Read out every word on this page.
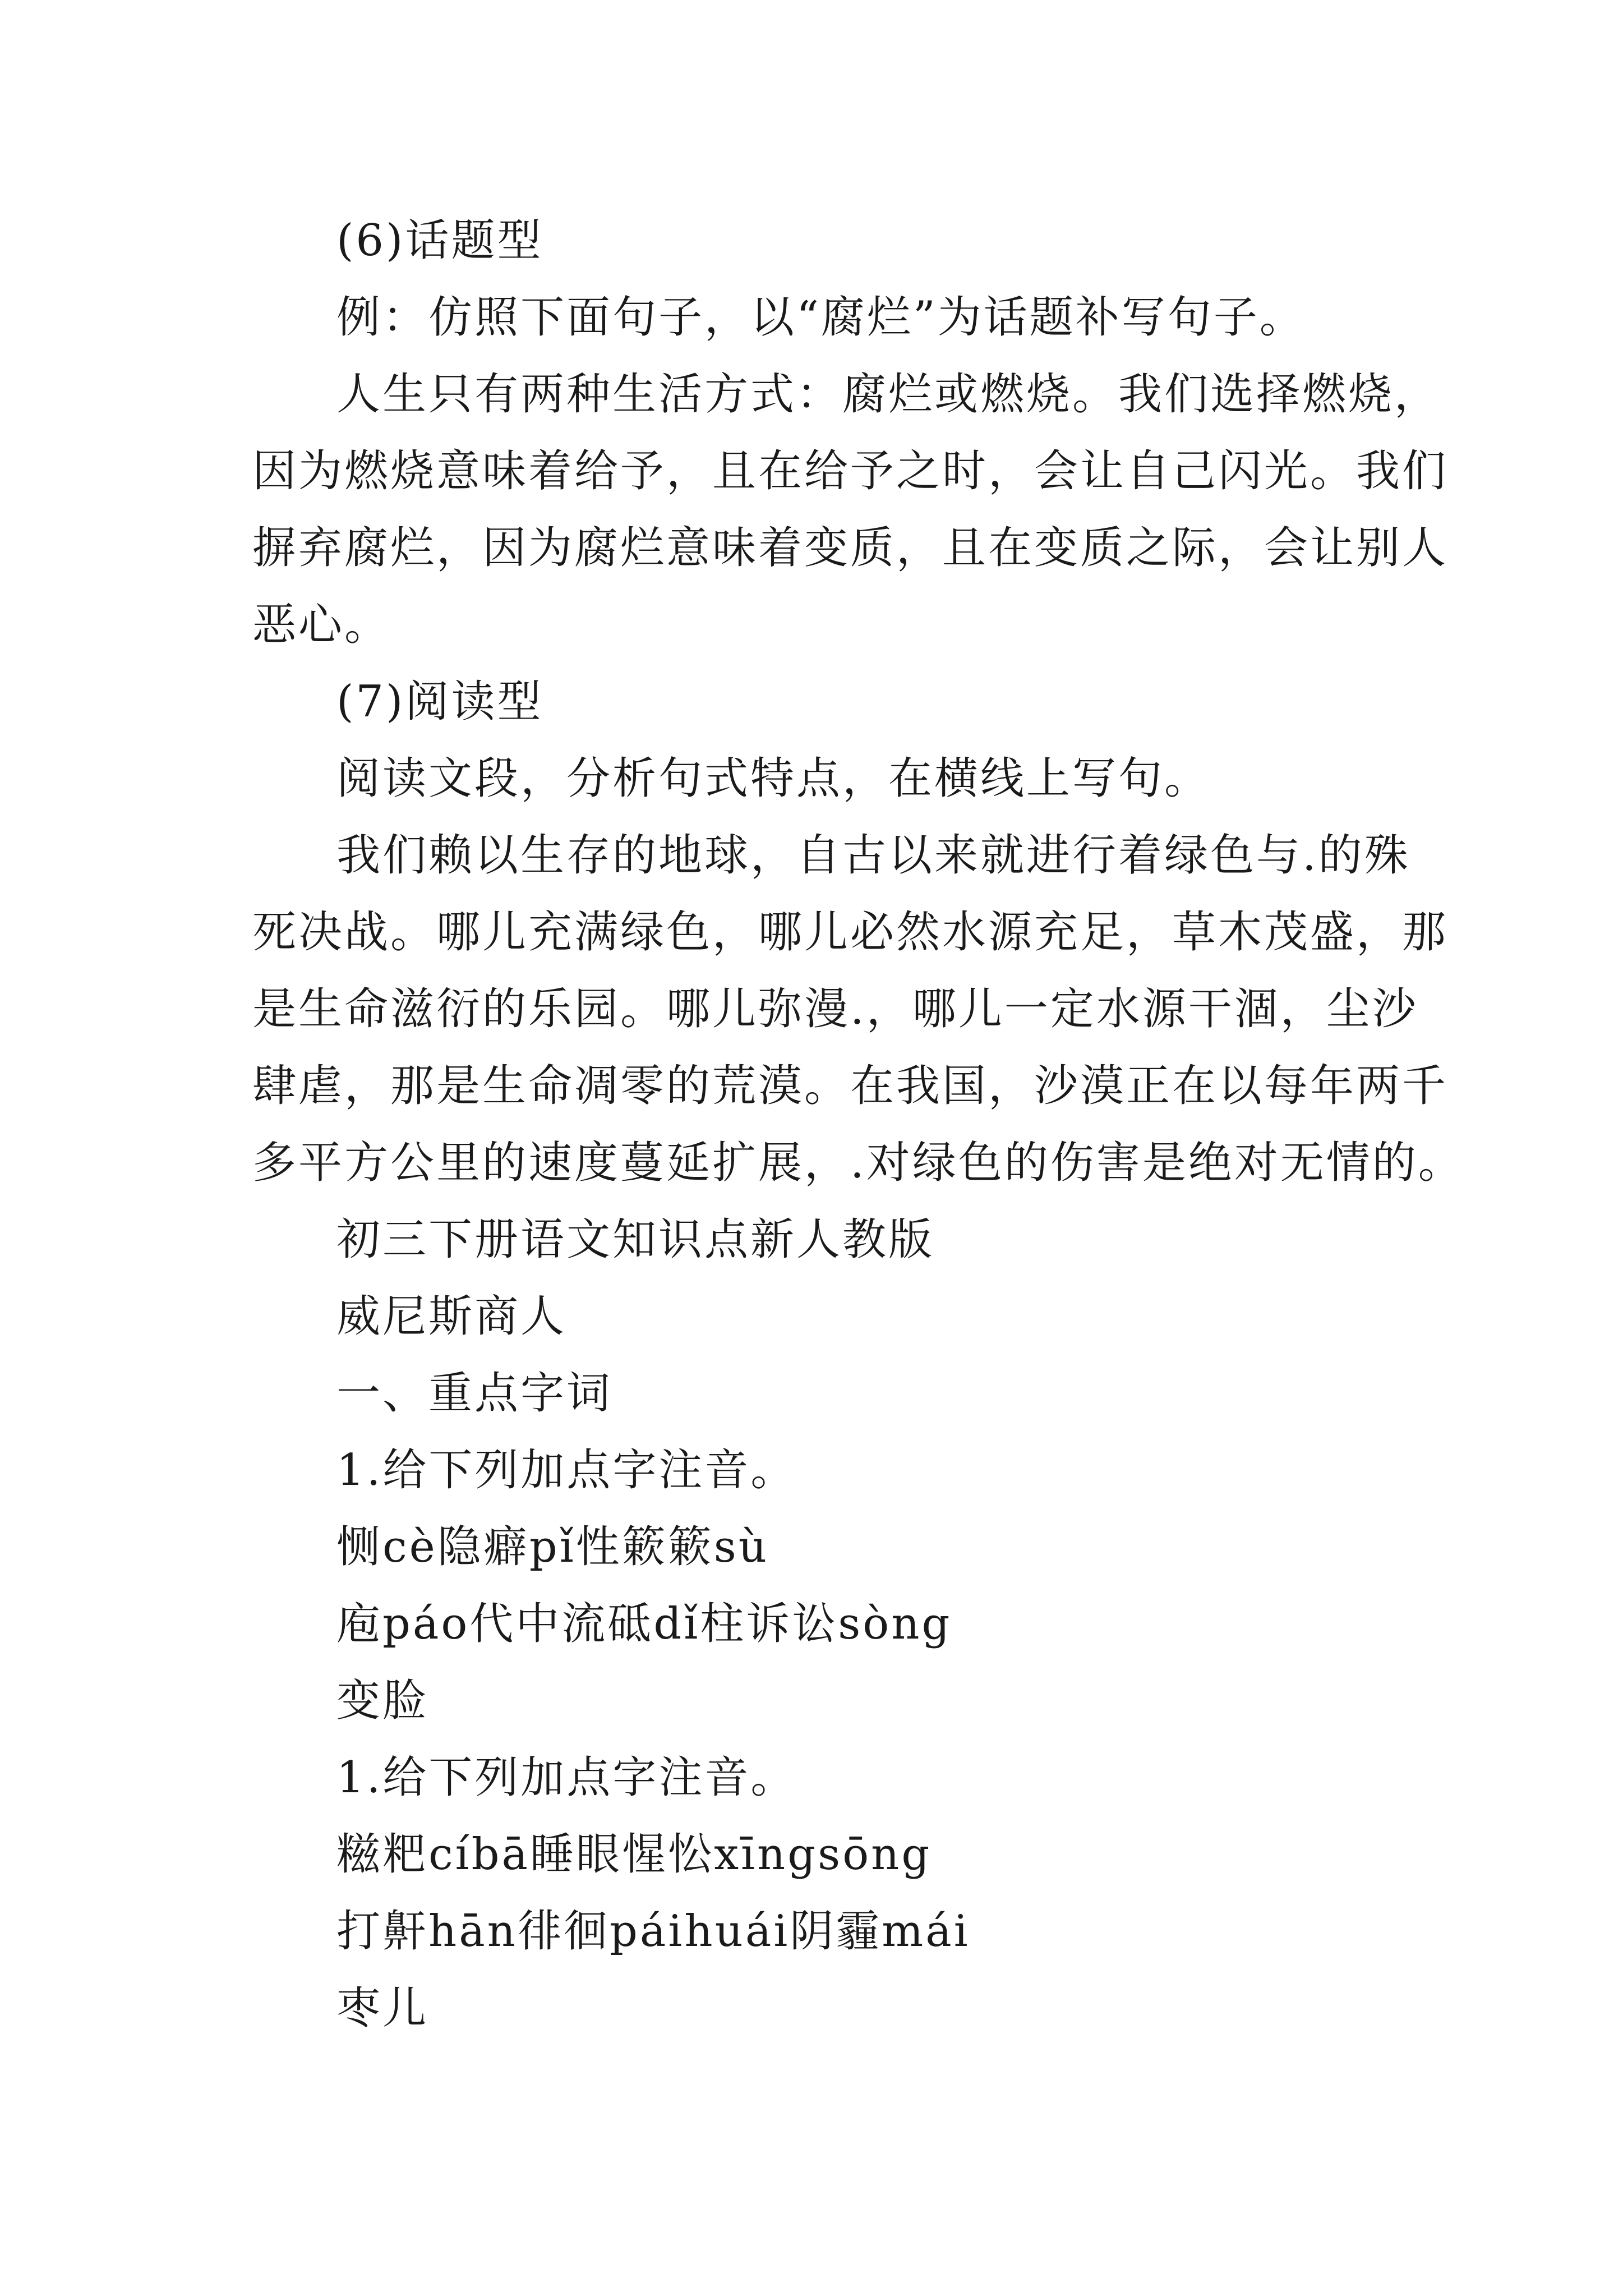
(6)话题型
例：仿照下面句子，以“腐烂”为话题补写句子。
人生只有两种生活方式：腐烂或燃烧。我们选择燃烧，
因为燃烧意味着给予，且在给予之时，会让自己闪光。我们
摒弃腐烂，因为腐烂意味着变质，且在变质之际，会让别人
恶心。
(7)阅读型
阅读文段，分析句式特点，在横线上写句。
我们赖以生存的地球，自古以来就进行着绿色与.的殊
死决战。哪儿充满绿色，哪儿必然水源充足，草木茂盛，那
是生命滋衍的乐园。哪儿弥漫.，哪儿一定水源干涸，尘沙
肆虐，那是生命凋零的荒漠。在我国，沙漠正在以每年两千
多平方公里的速度蔓延扩展，.对绿色的伤害是绝对无情的。
初三下册语文知识点新人教版
威尼斯商人
一、重点字词
1.给下列加点字注音。
恻cè隐癖pǐ性簌簌sù
庖páo代中流砥dǐ柱诉讼sòng
变脸
1.给下列加点字注音。
糍粑cíbā睡眼惺忪xīngsōng
打鼾hān徘徊páihuái阴霾mái
枣儿
